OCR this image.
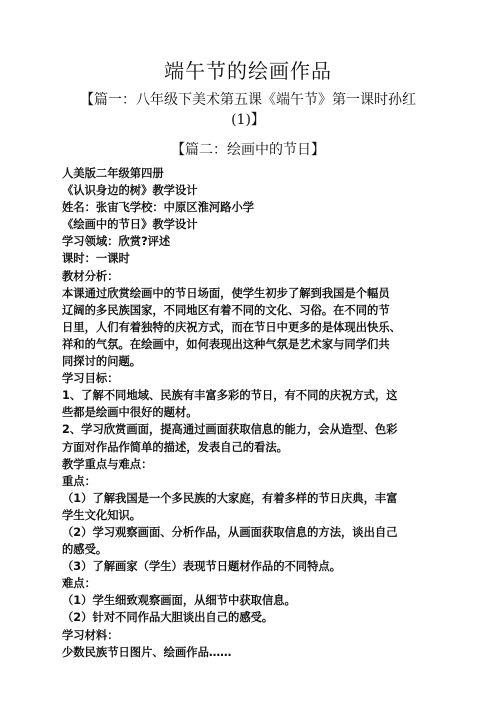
端午节的绘画作品
【篇一：八年级下美术第五课《端午节》第一课时孙红
(1)】
【篇二：绘画中的节日】
人美版二年级第四册
《认识身边的树》教学设计
姓名：张宙飞学校：中原区淮河路小学
《绘画中的节日》教学设计
学习领域：欣赏?评述
课时：一课时
教材分析：
本课通过欣赏绘画中的节日场面，使学生初步了解到我国是个幅员
辽阔的多民族国家，不同地区有着不同的文化、习俗。在不同的节
日里，人们有着独特的庆祝方式，而在节日中更多的是体现出快乐、
祥和的气氛。在绘画中，如何表现出这种气氛是艺术家与同学们共
同探讨的问题。
学习目标：
1、了解不同地域、民族有丰富多彩的节日，有不同的庆祝方式，这
些都是绘画中很好的题材。
2、学习欣赏画面，提高通过画面获取信息的能力，会从造型、色彩
方面对作品作简单的描述，发表自己的看法。
教学重点与难点：
重点：
（1）了解我国是一个多民族的大家庭，有着多样的节日庆典，丰富
学生文化知识。
（2）学习观察画面、分析作品，从画面获取信息的方法，谈出自己
的感受。
（3）了解画家（学生）表现节日题材作品的不同特点。
难点：
（1）学生细致观察画面，从细节中获取信息。
（2）针对不同作品大胆谈出自己的感受。
学习材料：
少数民族节日图片、绘画作品……
